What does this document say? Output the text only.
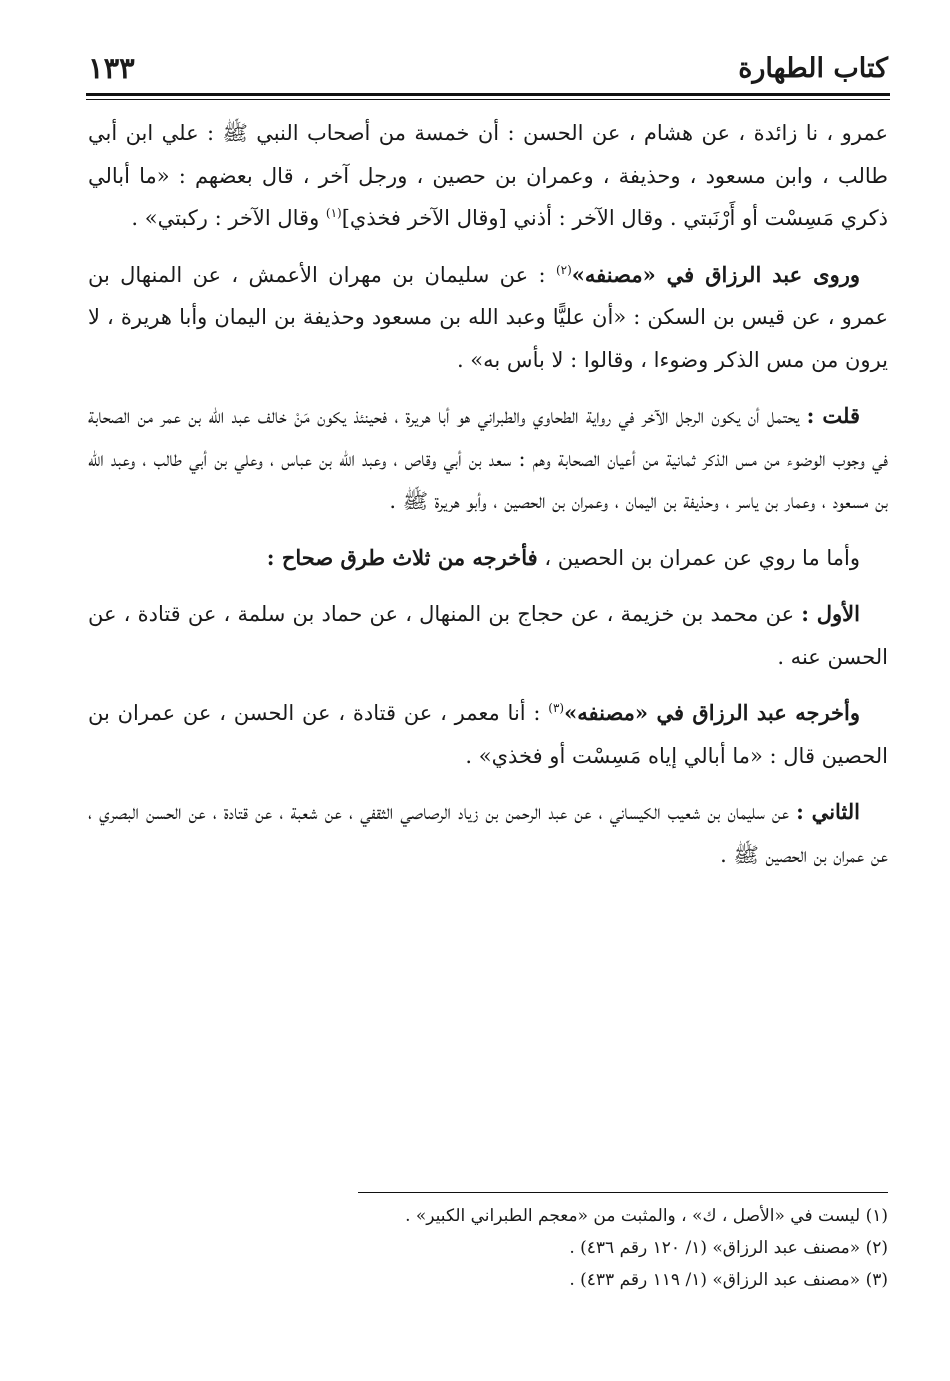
كتاب الطهارة
١٣٣

عمرو ، نا زائدة ، عن هشام ، عن الحسن : أن خمسة من أصحاب النبي ﷺ : علي ابن أبي طالب ، وابن مسعود ، وحذيفة ، وعمران بن حصين ، ورجل آخر ، قال بعضهم : «ما أبالي ذكري مَسِسْت أو أَرْنَبتي . وقال الآخر : أذني [وقال الآخر فخذي]$^{(١)}$ وقال الآخر : ركبتي» .

وروى عبد الرزاق في «مصنفه»$^{(٢)}$ : عن سليمان بن مهران الأعمش ، عن المنهال بن عمرو ، عن قيس بن السكن : «أن عليًّا وعبد الله بن مسعود وحذيفة بن اليمان وأبا هريرة ، لا يرون من مس الذكر وضوءا ، وقالوا : لا بأس به» .

قلت : يحتمل أن يكون الرجل الآخر في رواية الطحاوي والطبراني هو أبا هريرة ، فحينئذ يكون مَنْ خالف عبد الله بن عمر من الصحابة في وجوب الوضوء من مس الذكر ثمانية من أعيان الصحابة وهم : سعد بن أبي وقاص ، وعبد الله بن عباس ، وعلي بن أبي طالب ، وعبد الله بن مسعود ، وعمار بن ياسر ، وحذيفة بن اليمان ، وعمران بن الحصين ، وأبو هريرة ﷺ .

وأما ما روي عن عمران بن الحصين ، فأخرجه من ثلاث طرق صحاح :

الأول : عن محمد بن خزيمة ، عن حجاج بن المنهال ، عن حماد بن سلمة ، عن قتادة ، عن الحسن عنه .

وأخرجه عبد الرزاق في «مصنفه»$^{(٣)}$ : أنا معمر ، عن قتادة ، عن الحسن ، عن عمران بن الحصين قال : «ما أبالي إياه مَسِسْت أو فخذي» .

الثاني : عن سليمان بن شعيب الكيساني ، عن عبد الرحمن بن زياد الرصاصي الثقفي ، عن شعبة ، عن قتادة ، عن الحسن البصري ، عن عمران بن الحصين ﷺ .

(١) ليست في «الأصل ، ك» ، والمثبت من «معجم الطبراني الكبير» .
(٢) «مصنف عبد الرزاق» (١/ ١٢٠ رقم ٤٣٦) .
(٣) «مصنف عبد الرزاق» (١/ ١١٩ رقم ٤٣٣) .
